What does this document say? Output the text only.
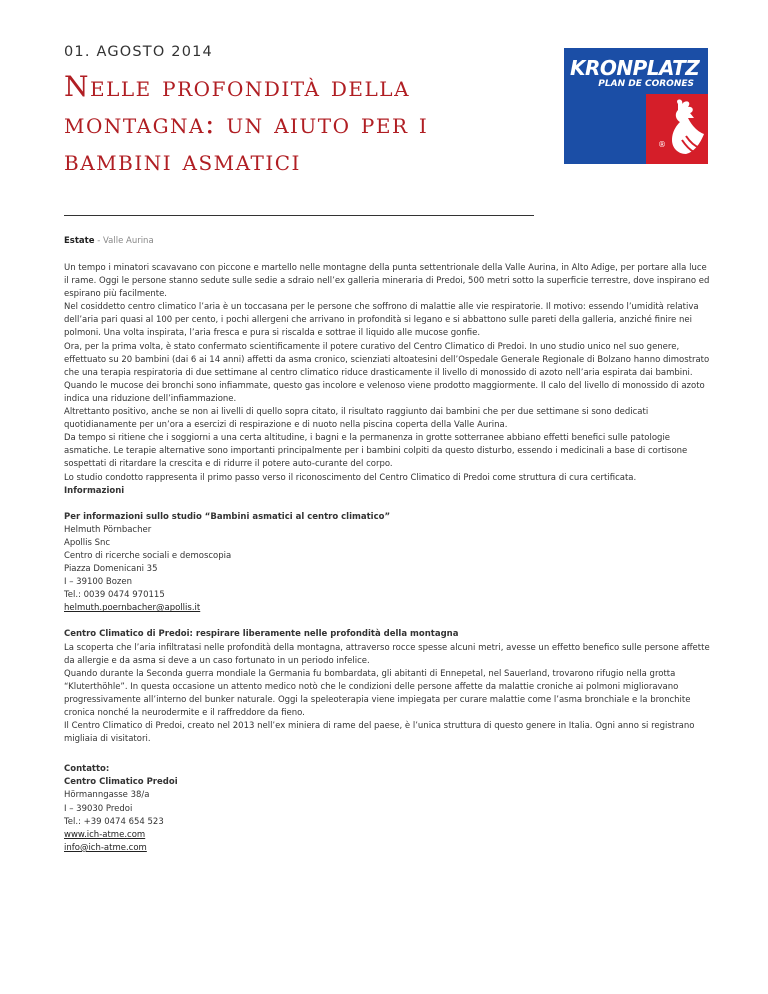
01. AGOSTO 2014
Nelle profondità della montagna: un aiuto per i bambini asmatici
Estate - Valle Aurina
KRONPLATZ
PLAN DE CORONES
®

Un tempo i minatori scavavano con piccone e martello nelle montagne della punta settentrionale della Valle Aurina, in Alto Adige, per portare alla luce il rame. Oggi le persone stanno sedute sulle sedie a sdraio nell’ex galleria mineraria di Predoi, 500 metri sotto la superficie terrestre, dove inspirano ed espirano più facilmente.

Nel cosiddetto centro climatico l’aria è un toccasana per le persone che soffrono di malattie alle vie respiratorie. Il motivo: essendo l’umidità relativa dell’aria pari quasi al 100 per cento, i pochi allergeni che arrivano in profondità si legano e si abbattono sulle pareti della galleria, anziché finire nei polmoni. Una volta inspirata, l’aria fresca e pura si riscalda e sottrae il liquido alle mucose gonfie.

Ora, per la prima volta, è stato confermato scientificamente il potere curativo del Centro Climatico di Predoi. In uno studio unico nel suo genere, effettuato su 20 bambini (dai 6 ai 14 anni) affetti da asma cronico, scienziati altoatesini dell’Ospedale Generale Regionale di Bolzano hanno dimostrato che una terapia respiratoria di due settimane al centro climatico riduce drasticamente il livello di monossido di azoto nell’aria espirata dai bambini. Quando le mucose dei bronchi sono infiammate, questo gas incolore e velenoso viene prodotto maggiormente. Il calo del livello di monossido di azoto indica una riduzione dell’infiammazione.

Altrettanto positivo, anche se non ai livelli di quello sopra citato, il risultato raggiunto dai bambini che per due settimane si sono dedicati quotidianamente per un’ora a esercizi di respirazione e di nuoto nella piscina coperta della Valle Aurina.

Da tempo si ritiene che i soggiorni a una certa altitudine, i bagni e la permanenza in grotte sotterranee abbiano effetti benefici sulle patologie asmatiche. Le terapie alternative sono importanti principalmente per i bambini colpiti da questo disturbo, essendo i medicinali a base di cortisone sospettati di ritardare la crescita e di ridurre il potere auto-curante del corpo.

Lo studio condotto rappresenta il primo passo verso il riconoscimento del Centro Climatico di Predoi come struttura di cura certificata.

Informazioni

Per informazioni sullo studio “Bambini asmatici al centro climatico”

Helmuth Pörnbacher

Apollis Snc

Centro di ricerche sociali e demoscopia

Piazza Domenicani 35

I – 39100 Bozen

Tel.: 0039 0474 970115

helmuth.poernbacher@apollis.it

Centro Climatico di Predoi: respirare liberamente nelle profondità della montagna

La scoperta che l’aria infiltratasi nelle profondità della montagna, attraverso rocce spesse alcuni metri, avesse un effetto benefico sulle persone affette da allergie e da asma si deve a un caso fortunato in un periodo infelice.

Quando durante la Seconda guerra mondiale la Germania fu bombardata, gli abitanti di Ennepetal, nel Sauerland, trovarono rifugio nella grotta “Kluterthöhle”. In questa occasione un attento medico notò che le condizioni delle persone affette da malattie croniche ai polmoni miglioravano progressivamente all’interno del bunker naturale. Oggi la speleoterapia viene impiegata per curare malattie come l’asma bronchiale e la bronchite cronica nonché la neurodermite e il raffreddore da fieno.

Il Centro Climatico di Predoi, creato nel 2013 nell’ex miniera di rame del paese, è l’unica struttura di questo genere in Italia. Ogni anno si registrano migliaia di visitatori.

Contatto:

Centro Climatico Predoi

Hörmanngasse 38/a

I – 39030 Predoi

Tel.: +39 0474 654 523

www.ich-atme.com

info@ich-atme.com
